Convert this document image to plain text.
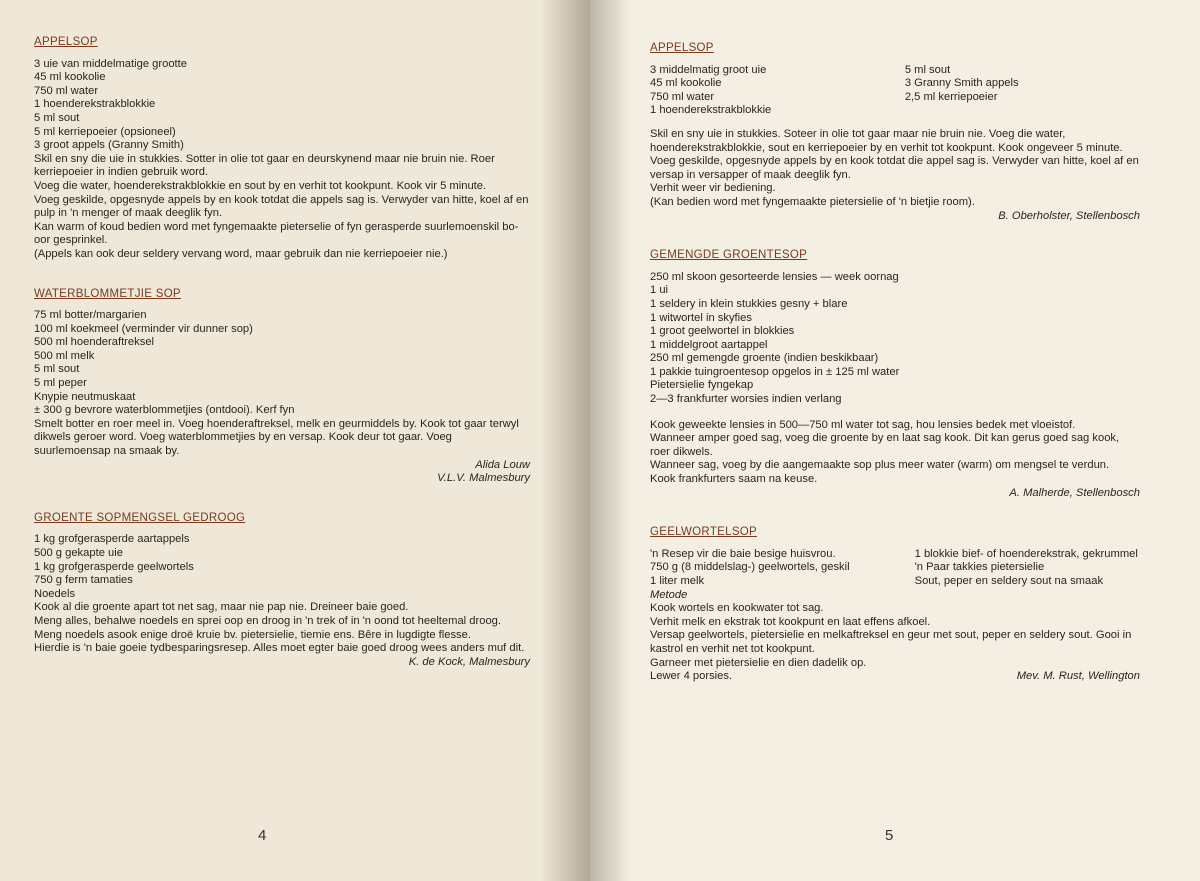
APPELSOP
3 uie van middelmatige grootte
45 ml kookolie
750 ml water
1 hoenderekstrakblokkie
5 ml sout
5 ml kerriepoeier (opsioneel)
3 groot appels (Granny Smith)
Skil en sny die uie in stukkies. Sotter in olie tot gaar en deurskynend maar nie bruin nie. Roer kerriepoeier in indien gebruik word.
Voeg die water, hoenderekstrakblokkie en sout by en verhit tot kookpunt. Kook vir 5 minute.
Voeg geskilde, opgesnyde appels by en kook totdat die appels sag is. Verwyder van hitte, koel af en pulp in 'n menger of maak deeglik fyn.
Kan warm of koud bedien word met fyngemaakte pieterselie of fyn gerasperde suurlemoenskil bo-oor gesprinkel.
(Appels kan ook deur seldery vervang word, maar gebruik dan nie kerriepoeier nie.)
WATERBLOMMETJIE SOP
75 ml botter/margarien
100 ml koekmeel (verminder vir dunner sop)
500 ml hoenderaftreksel
500 ml melk
5 ml sout
5 ml peper
Knypie neutmuskaat
± 300 g bevrore waterblommetjies (ontdooi). Kerf fyn
Smelt botter en roer meel in. Voeg hoenderaftreksel, melk en geurmiddels by. Kook tot gaar terwyl dikwels geroer word. Voeg waterblommetjies by en versap. Kook deur tot gaar. Voeg suurlemoensap na smaak by.
Alida Louw
V.L.V. Malmesbury
GROENTE SOPMENGSEL GEDROOG
1 kg grofgerasperde aartappels
500 g gekapte uie
1 kg grofgerasperde geelwortels
750 g ferm tamaties
Noedels
Kook al die groente apart tot net sag, maar nie pap nie. Dreineer baie goed.
Meng alles, behalwe noedels en sprei oop en droog in 'n trek of in 'n oond tot heeltemal droog.
Meng noedels asook enige droë kruie bv. pietersielie, tiemie ens. Bêre in lugdigte flesse.
Hierdie is 'n baie goeie tydbesparingsresep. Alles moet egter baie goed droog wees anders muf dit.
K. de Kock, Malmesbury
4
APPELSOP
3 middelmatig groot uie
45 ml kookolie
750 ml water
1 hoenderekstrakblokkie
5 ml sout
3 Granny Smith appels
2,5 ml kerriepoeier
Skil en sny uie in stukkies. Soteer in olie tot gaar maar nie bruin nie. Voeg die water, hoenderekstrakblokkie, sout en kerriepoeier by en verhit tot kookpunt. Kook ongeveer 5 minute. Voeg geskilde, opgesnyde appels by en kook totdat die appel sag is. Verwyder van hitte, koel af en versap in versapper of maak deeglik fyn.
Verhit weer vir bediening.
(Kan bedien word met fyngemaakte pietersielie of 'n bietjie room).
B. Oberholster, Stellenbosch
GEMENGDE GROENTESOP
250 ml skoon gesorteerde lensies — week oornag
1 ui
1 seldery in klein stukkies gesny + blare
1 witwortel in skyfies
1 groot geelwortel in blokkies
1 middelgroot aartappel
250 ml gemengde groente (indien beskikbaar)
1 pakkie tuingroentesop opgelos in ± 125 ml water
Pietersielie fyngekap
2—3 frankfurter worsies indien verlang
Kook geweekte lensies in 500—750 ml water tot sag, hou lensies bedek met vloeistof.
Wanneer amper goed sag, voeg die groente by en laat sag kook. Dit kan gerus goed sag kook, roer dikwels.
Wanneer sag, voeg by die aangemaakte sop plus meer water (warm) om mengsel te verdun.
Kook frankfurters saam na keuse.
A. Malherde, Stellenbosch
GEELWORTELSOP
'n Resep vir die baie besige huisvrou.
750 g (8 middelslag-) geelwortels, geskil
1 liter melk
1 blokkie bief- of hoenderekstrak, gekrummel
'n Paar takkies pietersielie
Sout, peper en seldery sout na smaak
Metode
Kook wortels en kookwater tot sag.
Verhit melk en ekstrak tot kookpunt en laat effens afkoel.
Versap geelwortels, pietersielie en melkaftreksel en geur met sout, peper en seldery sout. Gooi in kastrol en verhit net tot kookpunt.
Garneer met pietersielie en dien dadelik op.
Lewer 4 porsies.	Mev. M. Rust, Wellington
5
